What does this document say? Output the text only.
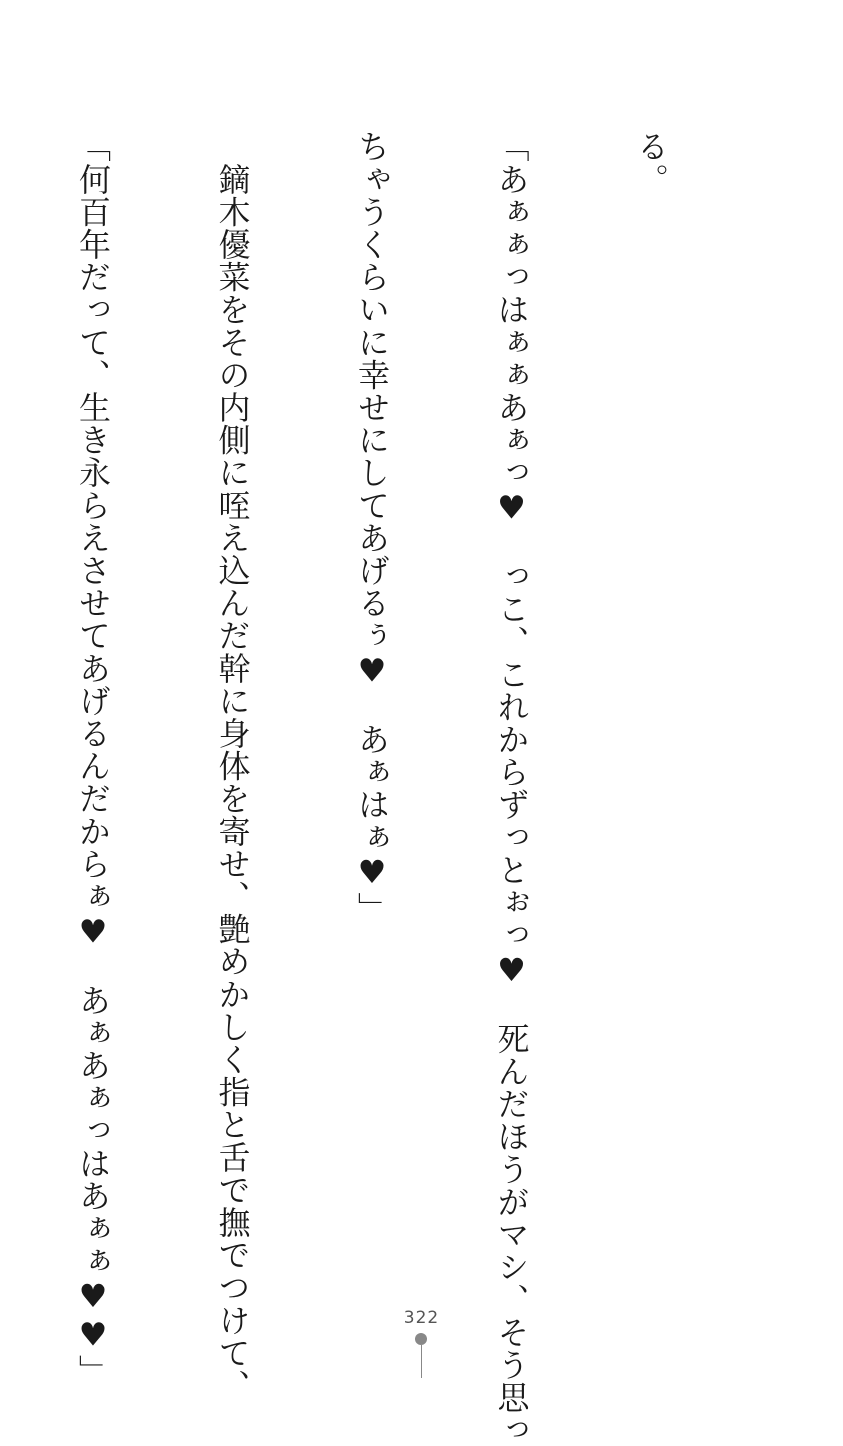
る。

「あぁぁっはぁぁあぁっ♥　っこ、これからずっとぉっ♥　死んだほうがマシ、そう思っ

ちゃうくらいに幸せにしてあげるぅ♥　あぁはぁ♥」

　鏑木優菜をその内側に咥え込んだ幹に身体を寄せ、艶めかしく指と舌で撫でつけて、

「何百年だって、生き永らえさせてあげるんだからぁ♥　あぁあぁっはあぁぁ♥♥」

	322
